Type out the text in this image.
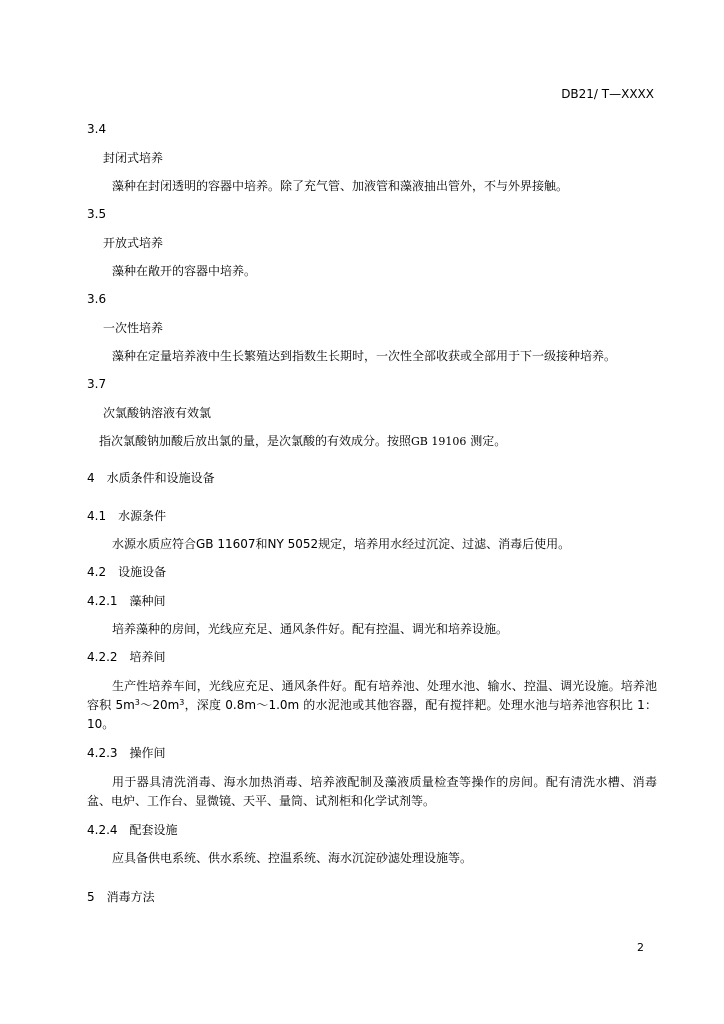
DB21/ T—XXXX
3.4
封闭式培养
藻种在封闭透明的容器中培养。除了充气管、加液管和藻液抽出管外，不与外界接触。
3.5
开放式培养
藻种在敞开的容器中培养。
3.6
一次性培养
藻种在定量培养液中生长繁殖达到指数生长期时，一次性全部收获或全部用于下一级接种培养。
3.7
次氯酸钠溶液有效氯
指次氯酸钠加酸后放出氯的量，是次氯酸的有效成分。按照GB 19106 测定。
4 水质条件和设施设备
4.1 水源条件
水源水质应符合GB 11607和NY 5052规定，培养用水经过沉淀、过滤、消毒后使用。
4.2 设施设备
4.2.1 藻种间
培养藻种的房间，光线应充足、通风条件好。配有控温、调光和培养设施。
4.2.2 培养间
生产性培养车间，光线应充足、通风条件好。配有培养池、处理水池、输水、控温、调光设施。培养池容积 $5m^3\sim 20m^3$，深度 0.8m～1.0m 的水泥池或其他容器，配有搅拌耙。处理水池与培养池容积比 1：10。
4.2.3 操作间
用于器具清洗消毒、海水加热消毒、培养液配制及藻液质量检查等操作的房间。配有清洗水槽、消毒盆、电炉、工作台、显微镜、天平、量筒、试剂柜和化学试剂等。
4.2.4 配套设施
应具备供电系统、供水系统、控温系统、海水沉淀砂滤处理设施等。
5 消毒方法
2
